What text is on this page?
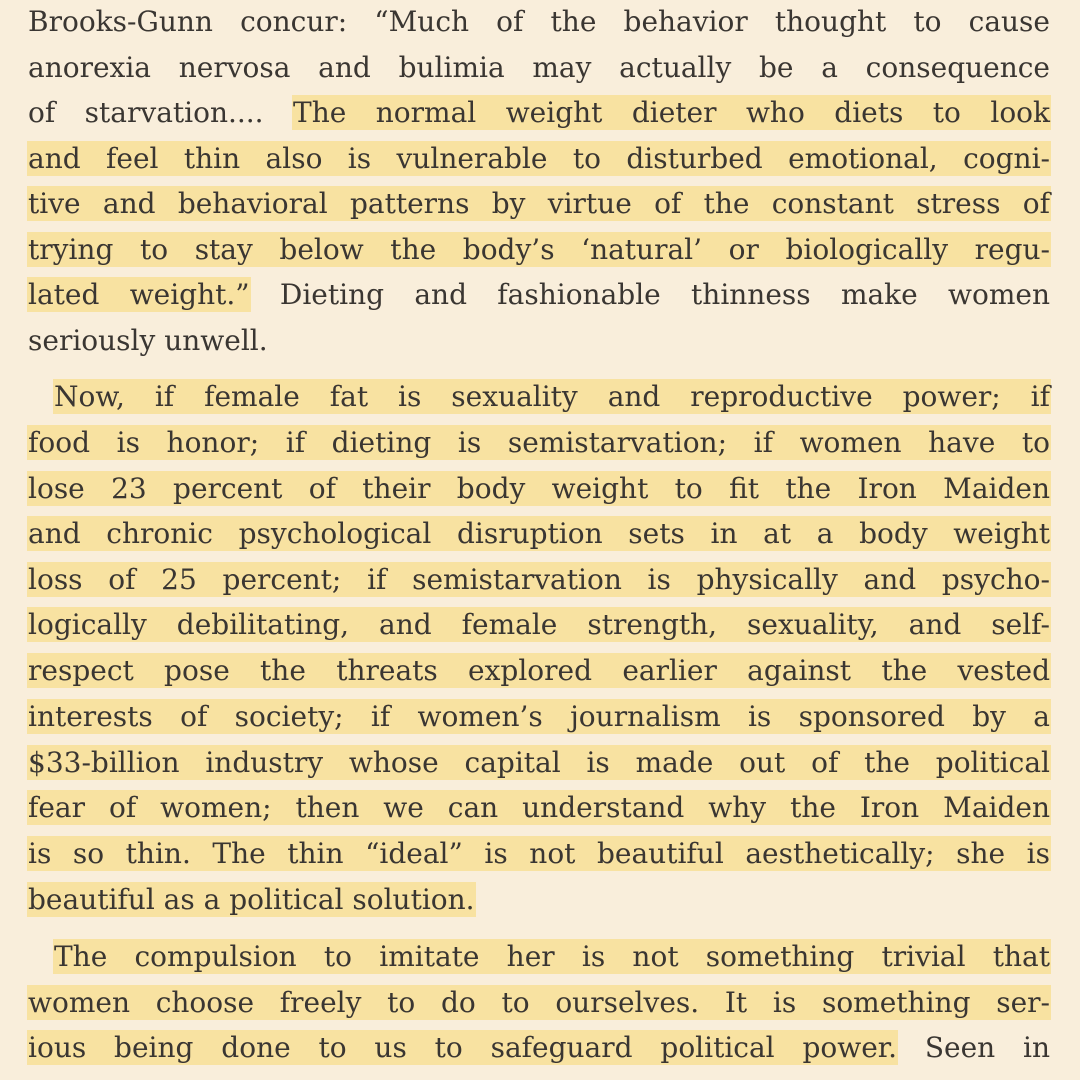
Brooks-Gunn concur: “Much of the behavior thought to cause
anorexia nervosa and bulimia may actually be a consequence
of starvation.... The normal weight dieter who diets to look
and feel thin also is vulnerable to disturbed emotional, cogni-
tive and behavioral patterns by virtue of the constant stress of
trying to stay below the body’s ‘natural’ or biologically regu-
lated weight.” Dieting and fashionable thinness make women
seriously unwell.
Now, if female fat is sexuality and reproductive power; if
food is honor; if dieting is semistarvation; if women have to
lose 23 percent of their body weight to fit the Iron Maiden
and chronic psychological disruption sets in at a body weight
loss of 25 percent; if semistarvation is physically and psycho-
logically debilitating, and female strength, sexuality, and self-
respect pose the threats explored earlier against the vested
interests of society; if women’s journalism is sponsored by a
$33-billion industry whose capital is made out of the political
fear of women; then we can understand why the Iron Maiden
is so thin. The thin “ideal” is not beautiful aesthetically; she is
beautiful as a political solution.
The compulsion to imitate her is not something trivial that
women choose freely to do to ourselves. It is something ser-
ious being done to us to safeguard political power. Seen in
